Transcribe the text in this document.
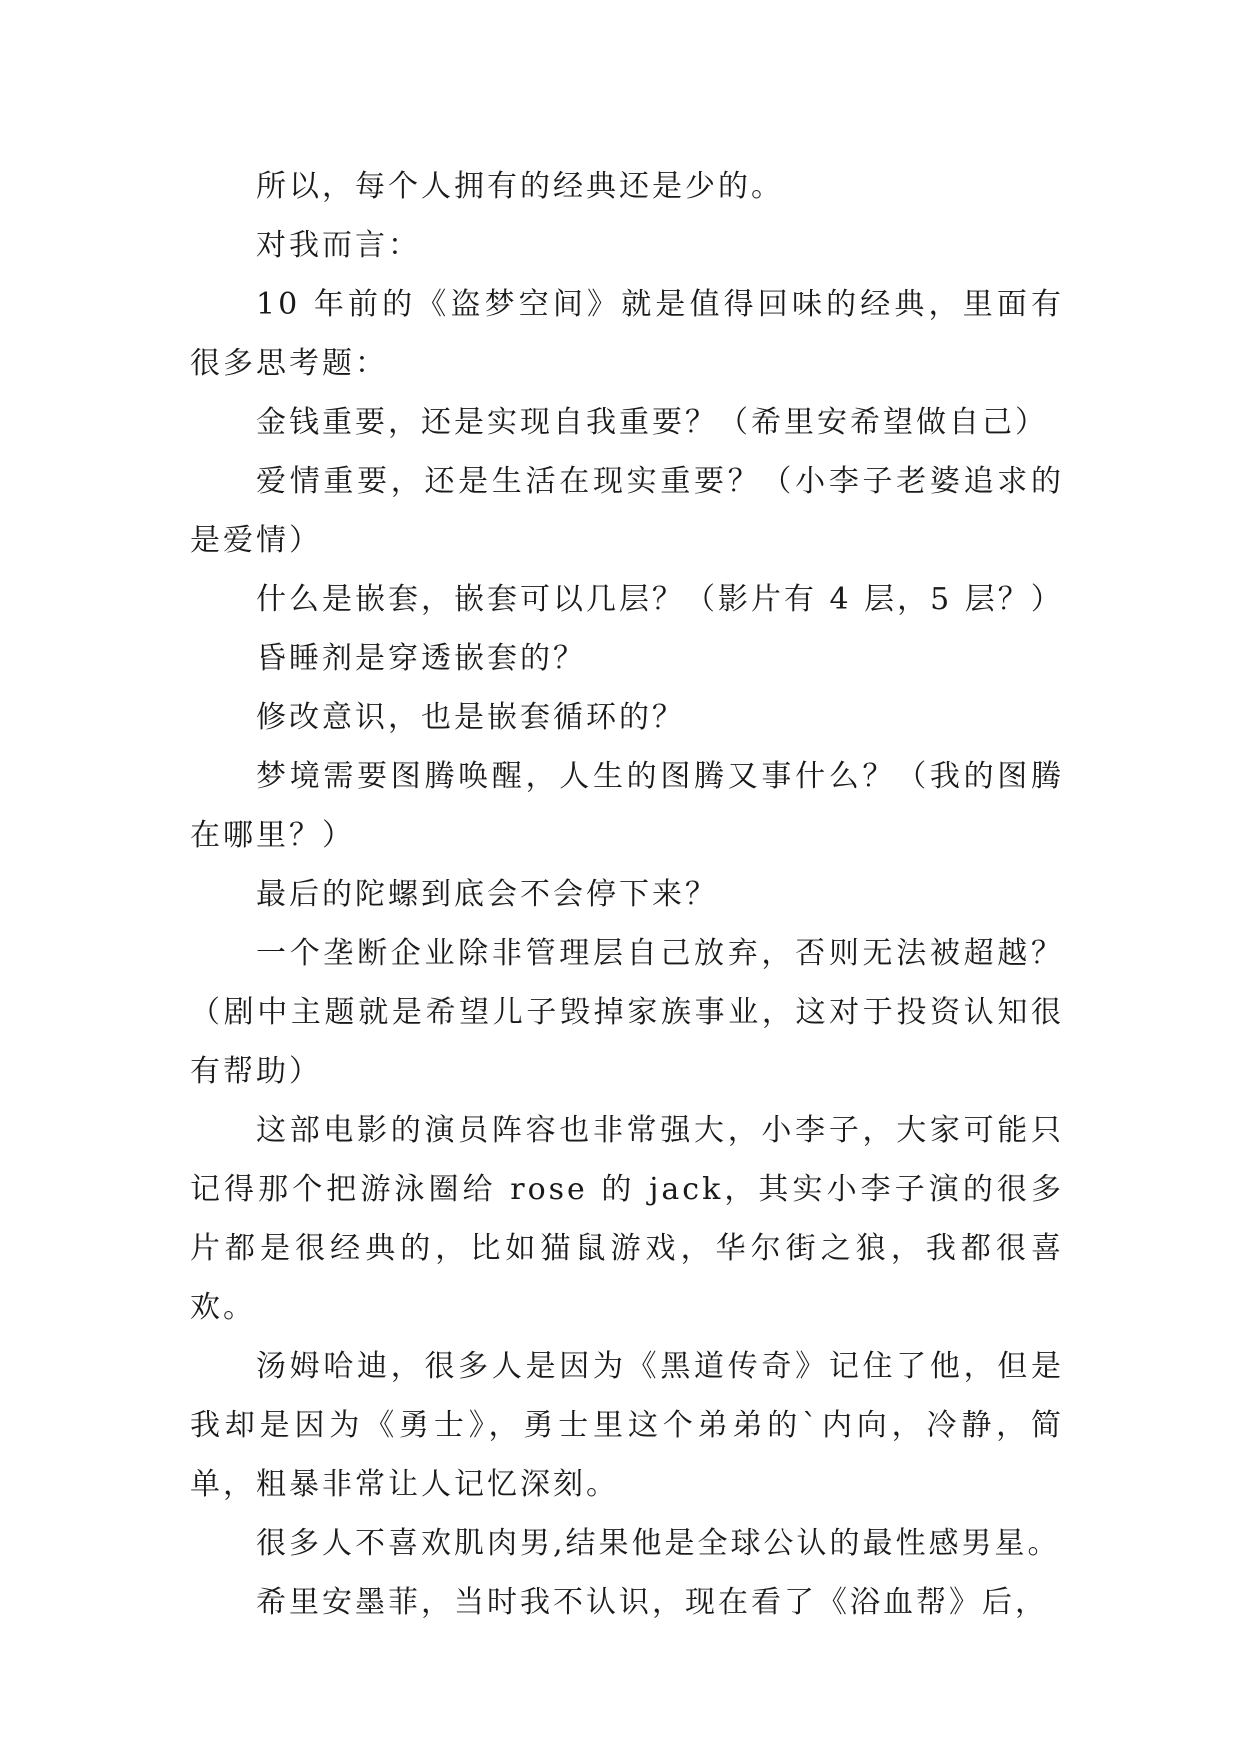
所以，每个人拥有的经典还是少的。

对我而言：

10 年前的《盗梦空间》就是值得回味的经典，里面有很多思考题：

金钱重要，还是实现自我重要？（希里安希望做自己）

爱情重要，还是生活在现实重要？（小李子老婆追求的是爱情）

什么是嵌套，嵌套可以几层？（影片有 4 层，5 层？）

昏睡剂是穿透嵌套的？

修改意识，也是嵌套循环的？

梦境需要图腾唤醒，人生的图腾又事什么？（我的图腾在哪里？）

最后的陀螺到底会不会停下来？

一个垄断企业除非管理层自己放弃，否则无法被超越？（剧中主题就是希望儿子毁掉家族事业，这对于投资认知很有帮助）

这部电影的演员阵容也非常强大，小李子，大家可能只记得那个把游泳圈给 rose 的 jack，其实小李子演的很多片都是很经典的，比如猫鼠游戏，华尔街之狼，我都很喜欢。

汤姆哈迪，很多人是因为《黑道传奇》记住了他，但是我却是因为《勇士》，勇士里这个弟弟的`内向，冷静，简单，粗暴非常让人记忆深刻。

很多人不喜欢肌肉男,结果他是全球公认的最性感男星。

希里安墨菲，当时我不认识，现在看了《浴血帮》后，
